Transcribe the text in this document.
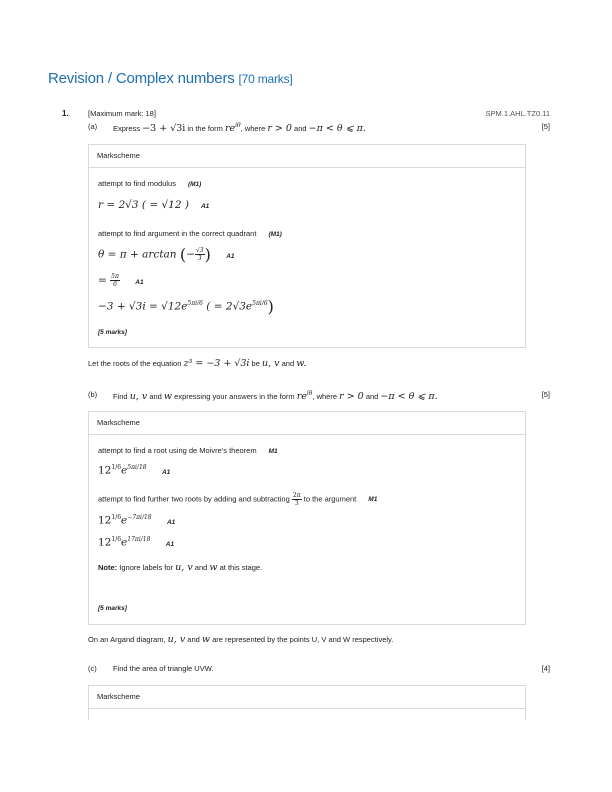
Revision / Complex numbers [70 marks]
1.	[Maximum mark: 18]	SPM.1.AHL.TZ0.11
(a) Express −3 + √3i in the form $re^{i\theta}$, where r > 0 and −π < θ ⩽ π.	[5]
Markscheme
attempt to find modulus (M1)
r = 2√3 ( = √12 ) A1
attempt to find argument in the correct quadrant (M1)
θ = π + arctan (− $\frac{√3}{3}$ ) A1
= $\frac{5\pi}{6} A1$
$-3 + √3i = √12e^{5\pi i/6}$ ( = $2√3e^{5\pi i/6}$)
[5 marks]
Let the roots of the equation z³ = −3 + √3i be u, v and w.
(b) Find u, v and w expressing your answers in the form $re^{i\theta}$, where r > 0 and −π < θ ⩽ π.	[5]
Markscheme
attempt to find a root using de Moivre's theorem M1
$12^{1/6}e^{5\pi i/18}$ A1
attempt to find further two roots by adding and subtracting $\frac{2\pi}{3}$ to the argument M1
$12^{1/6}e^{-7\pi i/18}$ A1
$12^{1/6}e^{17\pi i/18}$ A1
Note: Ignore labels for u, v and w at this stage.
[5 marks]
On an Argand diagram, u, v and w are represented by the points U, V and W respectively.
(c) Find the area of triangle UVW.	[4]
Markscheme
